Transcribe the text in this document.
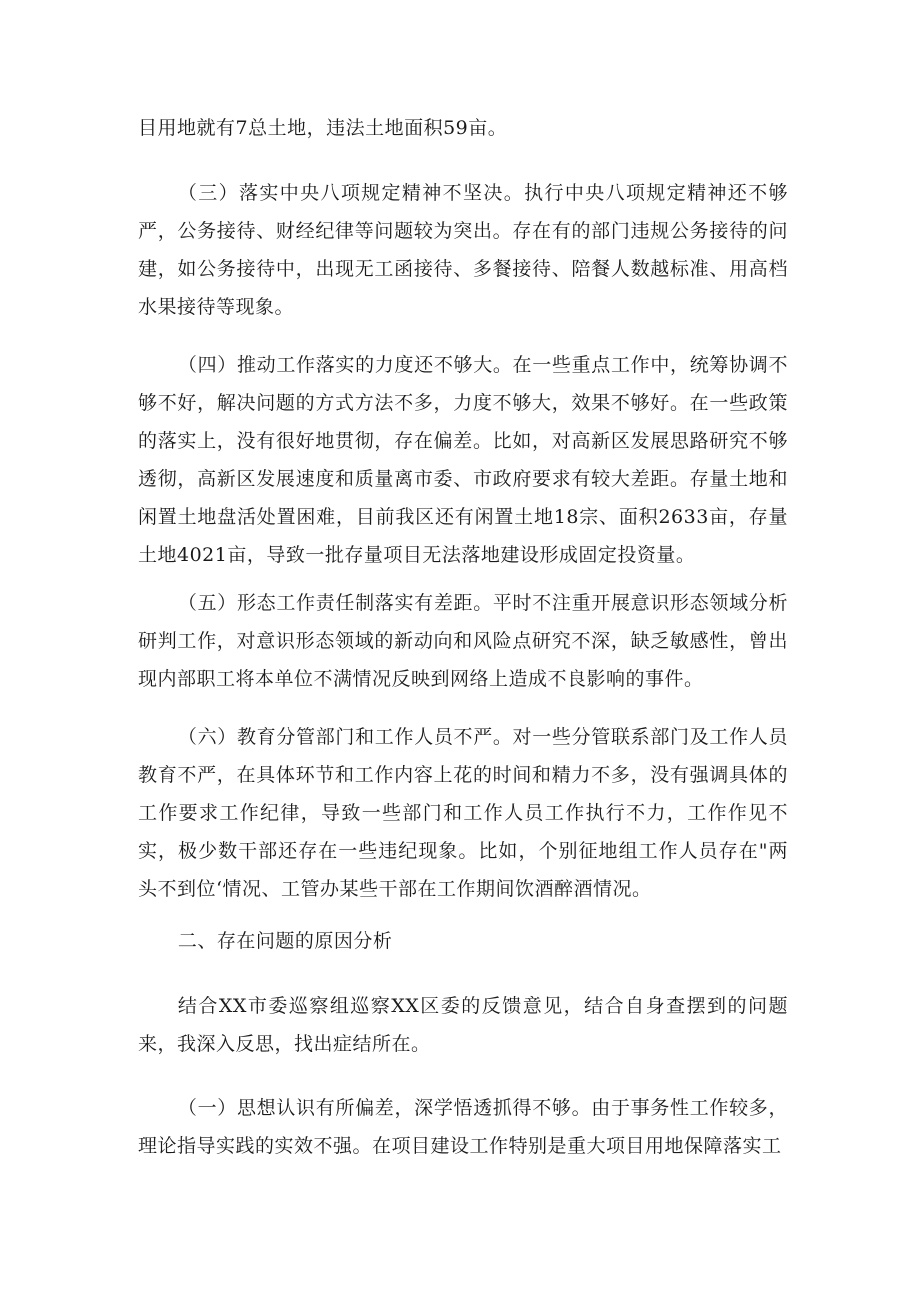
目用地就有7总土地，违法土地面积59亩。

（三）落实中央八项规定精神不坚决。执行中央八项规定精神还不够严，公务接待、财经纪律等问题较为突出。存在有的部门违规公务接待的问建，如公务接待中，出现无工函接待、多餐接待、陪餐人数越标准、用高档水果接待等现象。

（四）推动工作落实的力度还不够大。在一些重点工作中，统筹协调不够不好，解决问题的方式方法不多，力度不够大，效果不够好。在一些政策的落实上，没有很好地贯彻，存在偏差。比如，对高新区发展思路研究不够透彻，高新区发展速度和质量离市委、市政府要求有较大差距。存量土地和闲置土地盘活处置困难，目前我区还有闲置土地18宗、面积2633亩，存量土地4021亩，导致一批存量项目无法落地建设形成固定投资量。

（五）形态工作责任制落实有差距。平时不注重开展意识形态领域分析研判工作，对意识形态领域的新动向和风险点研究不深，缺乏敏感性，曾出现内部职工将本单位不满情况反映到网络上造成不良影响的事件。

（六）教育分管部门和工作人员不严。对一些分管联系部门及工作人员教育不严，在具体环节和工作内容上花的时间和精力不多，没有强调具体的工作要求工作纪律，导致一些部门和工作人员工作执行不力，工作作见不实，极少数干部还存在一些违纪现象。比如，个别征地组工作人员存在"两头不到位‘情况、工管办某些干部在工作期间饮酒醉酒情况。

二、存在问题的原因分析

结合XX市委巡察组巡察XX区委的反馈意见，结合自身查摆到的问题来，我深入反思，找出症结所在。

（一）思想认识有所偏差，深学悟透抓得不够。由于事务性工作较多，理论指导实践的实效不强。在项目建设工作特别是重大项目用地保障落实工
